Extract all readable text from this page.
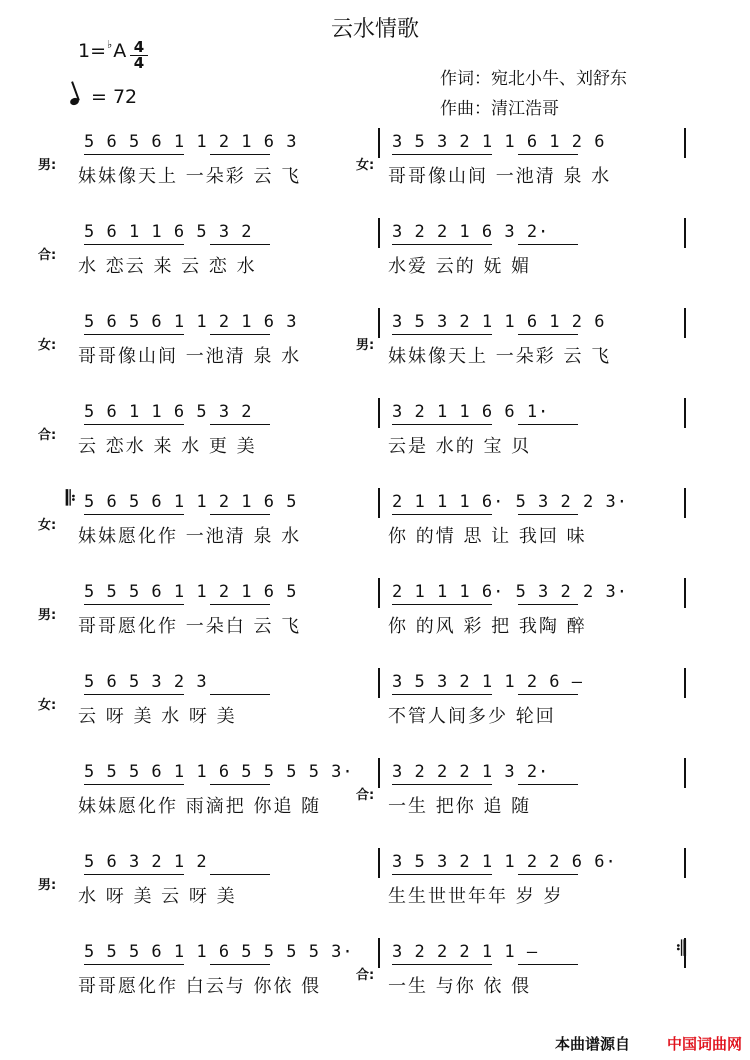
云水情歌
$1=^♭A \frac{4}{4}$
= 72
作词：宛北小牛、刘舒东
作曲：清江浩哥
男:
5 6 5 6 1 1 2 1 6 3
妹妹像天上 一朵彩 云 飞
女:
3 5 3 2 1 1 6 1 2 6
哥哥像山间 一池清 泉 水
合:
5 6 1 1 6 5 3 2
水 恋云 来 云 恋 水
3 2 2 1 6 3 2·
水爱 云的 妩 媚
女:
5 6 5 6 1 1 2 1 6 3
哥哥像山间 一池清 泉 水
男:
3 5 3 2 1 1 6 1 2 6
妹妹像天上 一朵彩 云 飞
合:
5 6 1 1 6 5 3 2
云 恋水 来 水 更 美
3 2 1 1 6 6 1·
云是 水的 宝 贝
女:
5 6 5 6 1 1 2 1 6 5
妹妹愿化作 一池清 泉 水
2 1 1 1 6· 5 3 2 2 3·
你 的情 思 让 我回 味
男:
5 5 5 6 1 1 2 1 6 5
哥哥愿化作 一朵白 云 飞
2 1 1 1 6· 5 3 2 2 3·
你 的风 彩 把 我陶 醉
女:
5 6 5 3 2 3
云 呀 美 水 呀 美
3 5 3 2 1 1 2 6 —
不管人间多少 轮回
5 5 5 6 1 1 6 5 5 5 5 3·
妹妹愿化作 雨滴把 你追 随
合:
3 2 2 2 1 3 2·
一生 把你 追 随
男:
5 6 3 2 1 2
水 呀 美 云 呀 美
3 5 3 2 1 1 2 2 6 6·
生生世世年年 岁 岁
5 5 5 6 1 1 6 5 5 5 5 3·
哥哥愿化作 白云与 你依 偎
合:
3 2 2 2 1 1 —
一生 与你 依 偎
𝄆
𝄇
本曲谱源自 中国词曲网
